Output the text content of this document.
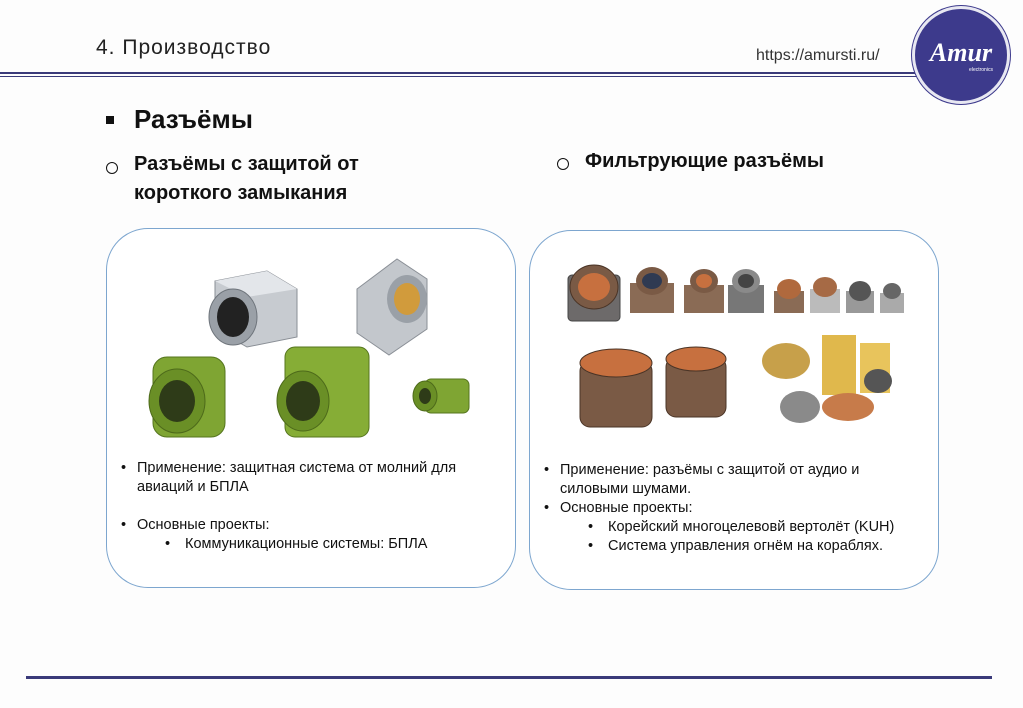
4. Производство	https://amursti.ru/ Amur
electronics
Разъёмы
Разъёмы с защитой от
короткого замыкания
Фильтрующие разъёмы
• Применение: защитная система от молний для авиаций и БПЛА
• Основные проекты:
• Коммуникационные системы: БПЛА
• Применение: разъёмы с защитой от аудио и силовыми шумами.
• Основные проекты:
• Корейский многоцелевовй вертолёт (KUH)
• Система управления огнём на кораблях.
